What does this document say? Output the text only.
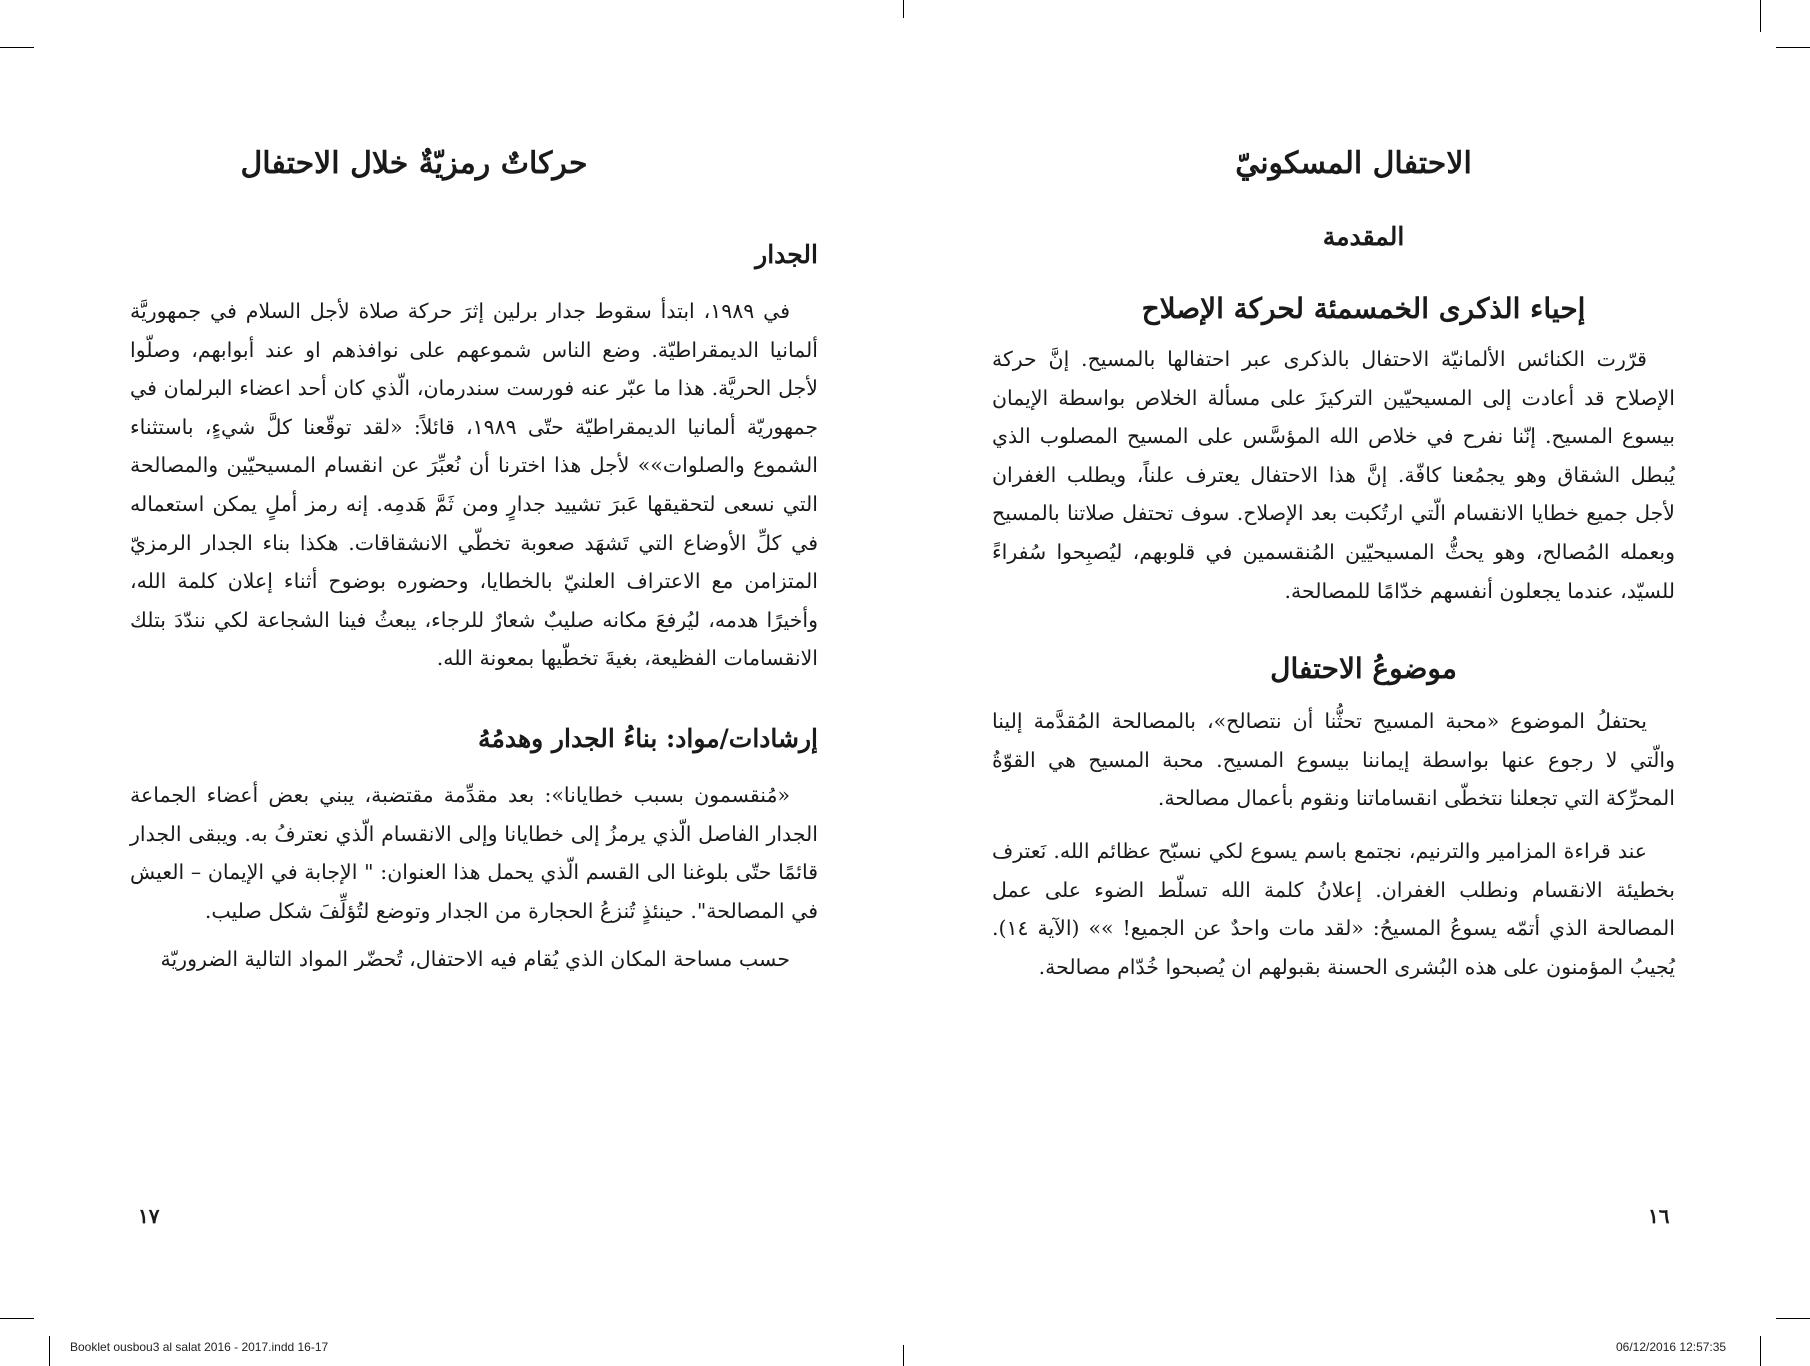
حركاتٌ رمزيّةٌ خلال الاحتفال
الجدار

في ١٩٨٩، ابتدأ سقوط جدار برلين إثرَ حركة صلاة لأجل السلام في جمهوريَّة ألمانيا الديمقراطيّة. وضع الناس شموعهم على نوافذهم او عند أبوابهم، وصلّوا لأجل الحريَّة. هذا ما عبّر عنه فورست سندرمان، الّذي كان أحد اعضاء البرلمان في جمهوريّة ألمانيا الديمقراطيّة حتّى ١٩٨٩، قائلاً: «لقد توقّعنا كلَّ شيءٍ، باستثناء الشموع والصلوات»» لأجل هذا اخترنا أن نُعبِّرَ عن انقسام المسيحيّين والمصالحة التي نسعى لتحقيقها عَبرَ تشييد جدارٍ ومن ثَمَّ هَدمِه. إنه رمز أملٍ يمكن استعماله في كلِّ الأوضاع التي تَشهَد صعوبة تخطّي الانشقاقات. هكذا بناء الجدار الرمزيّ المتزامن مع الاعتراف العلنيّ بالخطايا، وحضوره بوضوح أثناء إعلان كلمة الله، وأخيرًا هدمه، ليُرفعَ مكانه صليبٌ شعارٌ للرجاء، يبعثُ فينا الشجاعة لكي نندّدَ بتلك الانقسامات الفظيعة، بغيةَ تخطّيها بمعونة الله.

إرشادات/مواد: بناءُ الجدار وهدمُهُ

«مُنقسمون بسبب خطايانا»: بعد مقدِّمة مقتضبة، يبني بعض أعضاء الجماعة الجدار الفاصل الّذي يرمزُ إلى خطايانا وإلى الانقسام الّذي نعترفُ به. ويبقى الجدار قائمًا حتّى بلوغنا الى القسم الّذي يحمل هذا العنوان: " الإجابة في الإيمان – العيش في المصالحة". حينئذٍ تُنزعُ الحجارة من الجدار وتوضع لتُؤلِّفَ شكل صليب.

حسب مساحة المكان الذي يُقام فيه الاحتفال، تُحضّر المواد التالية الضروريّة

١٧
الاحتفال المسكونيّ
المقدمة
إحياء الذكرى الخمسمئة لحركة الإصلاح

قرّرت الكنائس الألمانيّة الاحتفال بالذكرى عبر احتفالها بالمسيح. إنَّ حركة الإصلاح قد أعادت إلى المسيحيّين التركيزَ على مسألة الخلاص بواسطة الإيمان بيسوع المسيح. إنّنا نفرح في خلاص الله المؤسَّس على المسيح المصلوب الذي يُبطل الشقاق وهو يجمُعنا كافّة. إنَّ هذا الاحتفال يعترف علناً، ويطلب الغفران لأجل جميع خطايا الانقسام الّتي ارتُكبت بعد الإصلاح. سوف تحتفل صلاتنا بالمسيح وبعمله المُصالح، وهو يحثُّ المسيحيّين المُنقسمين في قلوبهم، ليُصبِحوا سُفراءً للسيّد، عندما يجعلون أنفسهم خدّامًا للمصالحة.

موضوعُ الاحتفال

يحتفلُ الموضوع «محبة المسيح تحثُّنا أن نتصالح»، بالمصالحة المُقدَّمة إلينا والّتي لا رجوع عنها بواسطة إيماننا بيسوع المسيح. محبة المسيح هي القوّةُ المحرِّكة التي تجعلنا نتخطّى انقساماتنا ونقوم بأعمال مصالحة.

عند قراءة المزامير والترنيم، نجتمع باسم يسوع لكي نسبّح عظائم الله. نَعترف بخطيئة الانقسام ونطلب الغفران. إعلانُ كلمة الله تسلّط الضوء على عمل المصالحة الذي أتمّه يسوعُ المسيحُ: «لقد مات واحدٌ عن الجميع! »» (الآية ١٤). يُجيبُ المؤمنون على هذه البُشرى الحسنة بقبولهم ان يُصبحوا خُدّام مصالحة.

١٦
Booklet ousbou3 al salat 2016 - 2017.indd 16-17	06/12/2016 12:57:35
